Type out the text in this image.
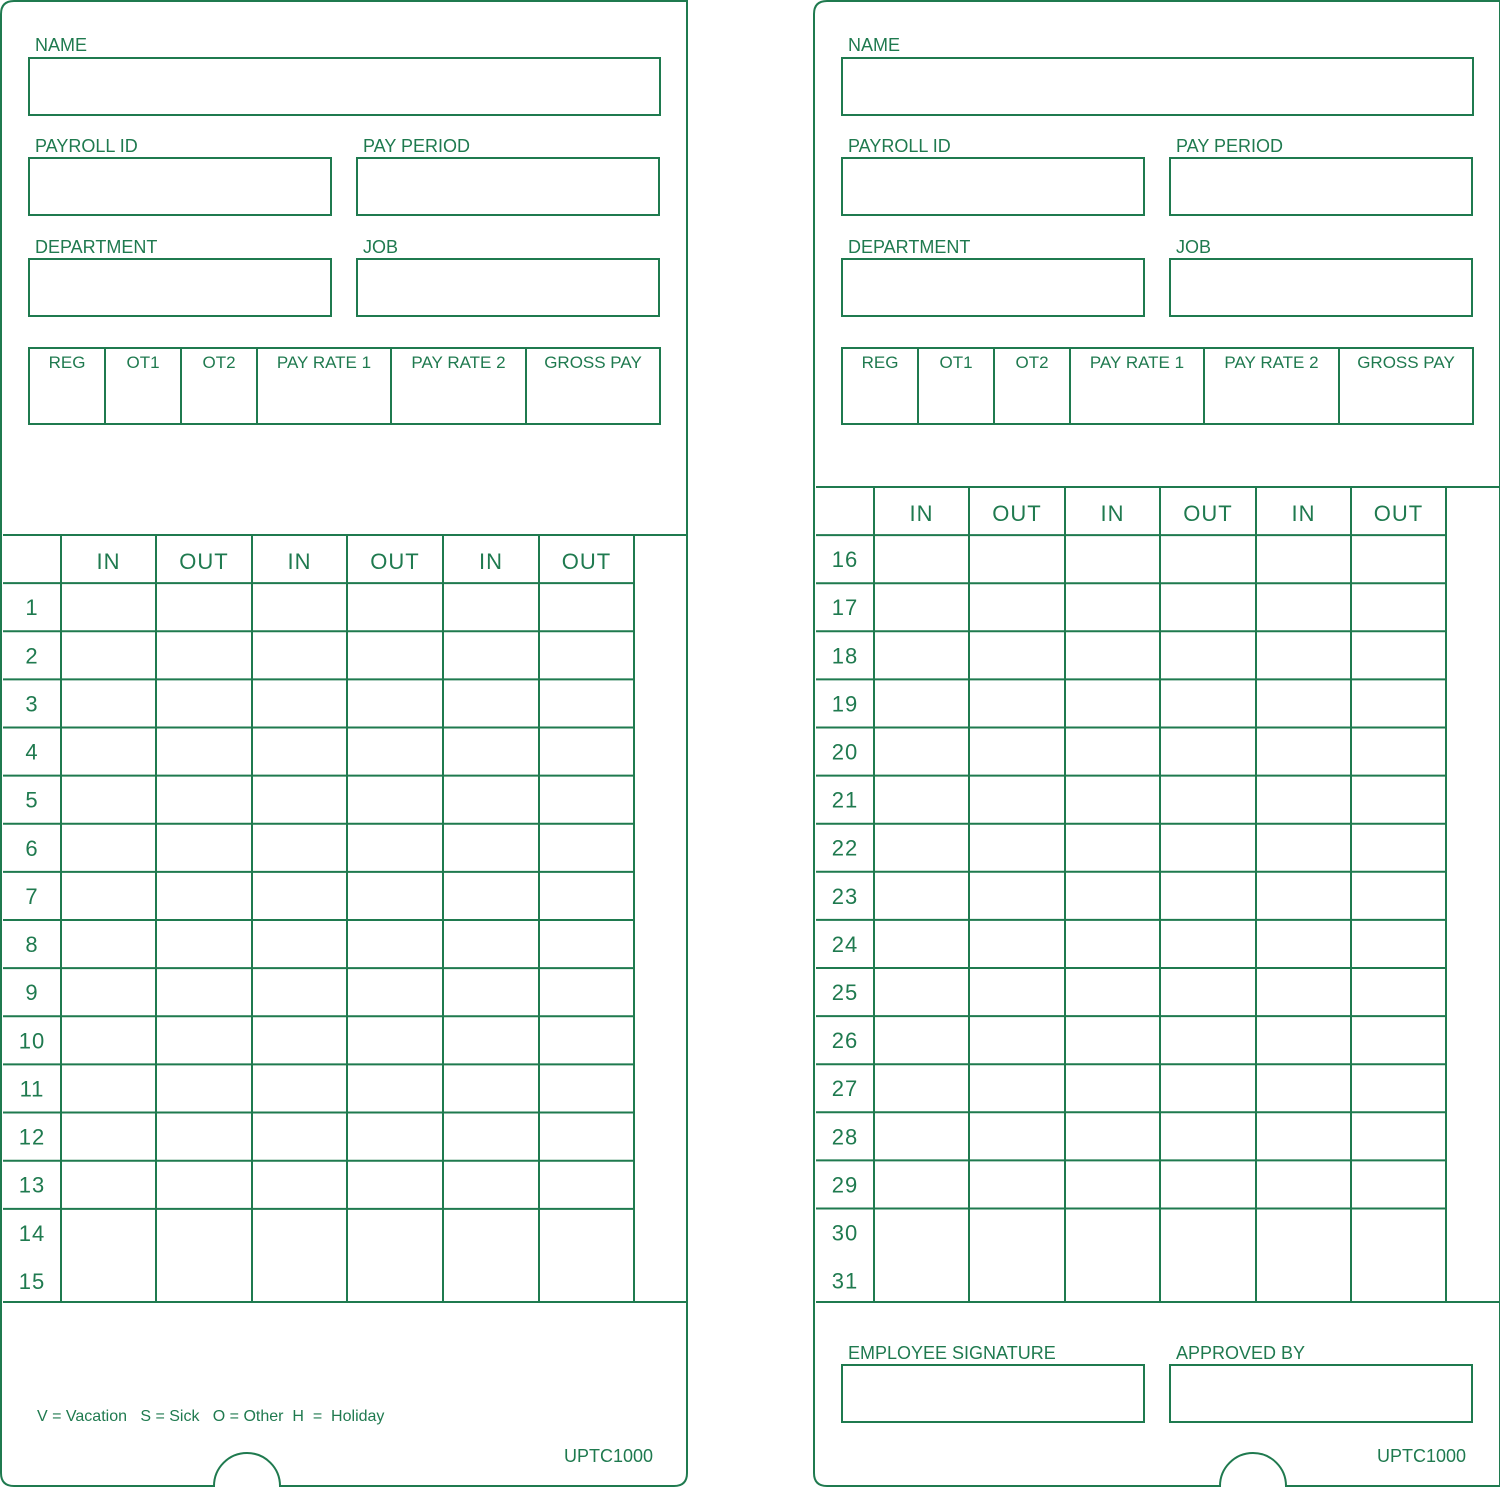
NAME
PAYROLL ID	PAY PERIOD
DEPARTMENT	JOB
REG OT1	OT2 PAY RATE 1 PAY RATE 2 GROSS PAY
IN	OUT	IN	OUT	IN	OUT
1
2
3
4
5
6
7
8
9
10
11
12
13
14
15
V = Vacation   S = Sick   O = Other  H  =  Holiday
UPTC1000
NAME
PAYROLL ID	PAY PERIOD
DEPARTMENT	JOB
REG OT1	OT2 PAY RATE 1 PAY RATE 2 GROSS PAY
IN	OUT	IN	OUT	IN	OUT
16
17
18
19
20
21
22
23
24
25
26
27
28
29
30
31
EMPLOYEE SIGNATURE	APPROVED BY
UPTC1000
